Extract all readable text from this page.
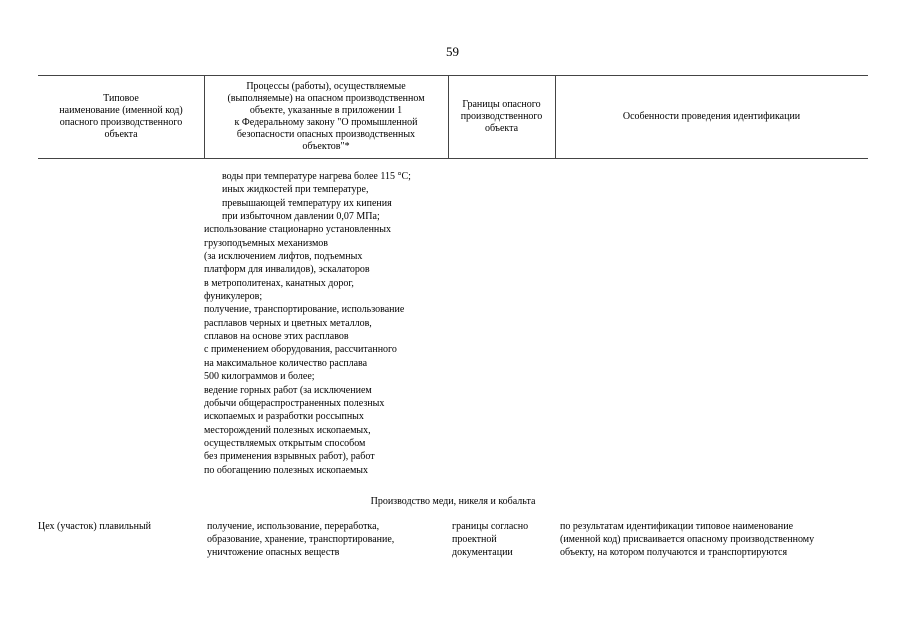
59
Типовое
наименование (именной код)
опасного производственного
объекта
Процессы (работы), осуществляемые
(выполняемые) на опасном производственном
объекте, указанные в приложении 1
к Федеральному закону "О промышленной
безопасности опасных производственных
объектов"*
Границы опасного
производственного
объекта
Особенности проведения идентификации
воды при температуре нагрева более 115 °С;
иных жидкостей при температуре,
превышающей температуру их кипения
при избыточном давлении 0,07 МПа;
использование стационарно установленных
грузоподъемных механизмов
(за исключением лифтов, подъемных
платформ для инвалидов), эскалаторов
в метрополитенах, канатных дорог,
фуникулеров;
получение, транспортирование, использование
расплавов черных и цветных металлов,
сплавов на основе этих расплавов
с применением оборудования, рассчитанного
на максимальное количество расплава
500 килограммов и более;
ведение горных работ (за исключением
добычи общераспространенных полезных
ископаемых и разработки россыпных
месторождений полезных ископаемых,
осуществляемых открытым способом
без применения взрывных работ), работ
по обогащению полезных ископаемых
Производство меди, никеля и кобальта
Цех (участок) плавильный	получение, использование, переработка,
образование, хранение, транспортирование,
уничтожение опасных веществ
границы согласно
проектной
документации
по результатам идентификации типовое наименование
(именной код) присваивается опасному производственному
объекту, на котором получаются и транспортируются
